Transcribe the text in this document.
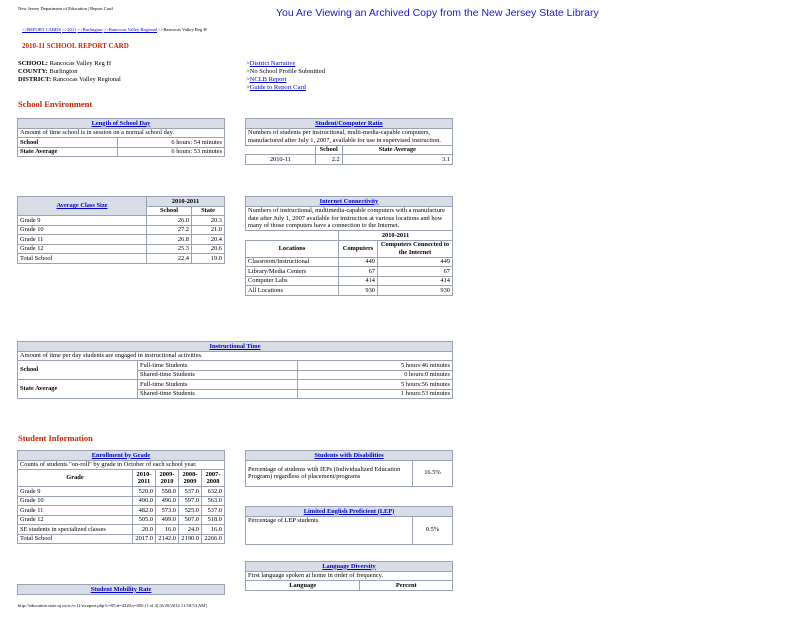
New Jersey Department of Education | Report Card	You Are Viewing an Archived Copy from the New Jersey State Library
>>REPORT CARDS >>2011 >>Burlington >>Rancocas Valley Regional >>Rancocas Valley Reg H
2010-11 SCHOOL REPORT CARD
SCHOOL: Rancocas Valley Reg H
COUNTY: Burlington
DISTRICT: Rancocas Valley Regional
>District Narrative
>No School Profile Submitted
>NCLB Report
>Guide to Report Card
School Environment
Length of School Day	
Amount of time school is in session on a normal school day.	
School	6 hours: 54 minutes
State Average	6 hours: 53 minutes
Student/Computer Ratio		
Numbers of students per instructional, multi-media-capable computers, manufactured after July 1, 2007, available for use in supervised instruction.		
	School	State Average
2010-11	2.2	3.1
Average Class Size	2010-2011	
	School	State
Grade 9	26.0	20.3
Grade 10	27.2	21.0
Grade 11	26.8	20.4
Grade 12	25.3	20.6
Total School	22.4	19.0
Internet Connectivity		
Numbers of instructional, multimedia-capable computers with a manufacture date after July 1, 2007 available for instruction at various locations and how many of those computers have a connection to the Internet.		
	2010-2011	
Locations	Computers	Computers Connected to the Internet
Classroom/Instructional	449	449
Library/Media Centers	67	67
Computer Labs	414	414
All Locations	930	930
Instructional Time		
Amount of time per day students are engaged in instructional activities.		
School	Full-time Students	5 hours:46 minutes
	Shared-time Students	0 hours:0 minutes
State Average	Full-time Students	5 hours:56 minutes
	Shared-time Students	1 hours:53 minutes
Student Information
Enrollment by Grade				
Counts of students "on-roll" by grade in October of each school year.				
Grade	2010-2011	2009-2010	2008-2009	2007-2008
Grade 9	520.0	558.0	537.0	632.0
Grade 10	490.0	496.0	597.0	563.0
Grade 11	482.0	573.0	525.0	537.0
Grade 12	505.0	499.0	507.0	518.0
SE students in specialized classes	20.0	16.0	24.0	16.0
Total School	2017.0	2142.0	2190.0	2266.0
Students with Disabilities
Percentage of students with IEPs (Individualized Education Program) regardless of placement/programs	16.5%
Limited English Proficient (LEP)
Percentage of LEP students	0.5%
Language Diversity
First language spoken at home in order of frequency.
Language	Percent
Student Mobility Rate
http://education.state.nj.us/rc/rc11/rcreport.php?c=05;d=4320;s=050 (1 of 4) [6/20/2012 11:50:53 AM]
